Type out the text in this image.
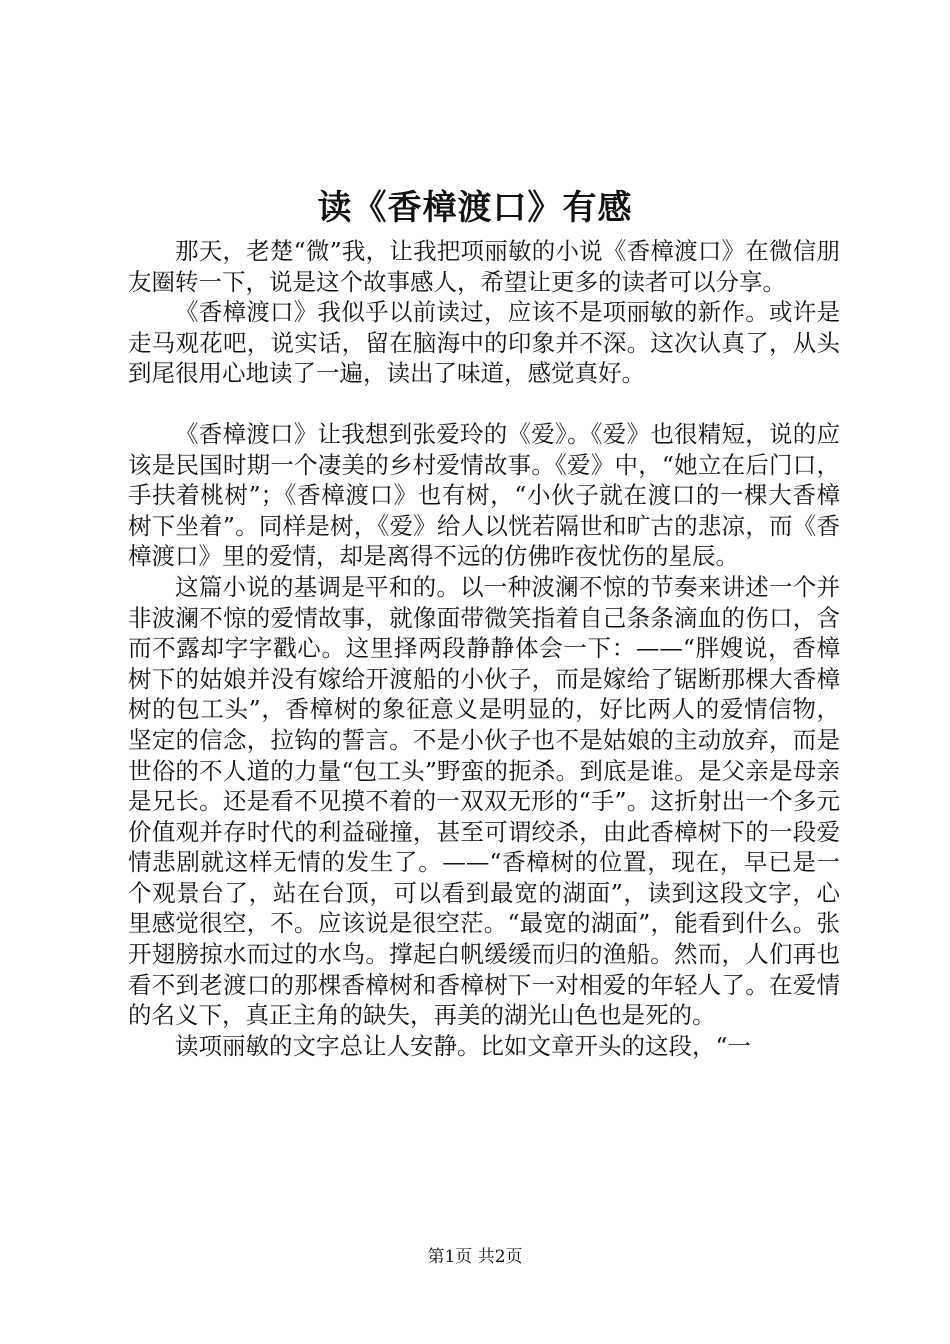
读《香樟渡口》有感

那天，老楚“微”我，让我把项丽敏的小说《香樟渡口》在微信朋友圈转一下，说是这个故事感人，希望让更多的读者可以分享。

《香樟渡口》我似乎以前读过，应该不是项丽敏的新作。或许是走马观花吧，说实话，留在脑海中的印象并不深。这次认真了，从头到尾很用心地读了一遍，读出了味道，感觉真好。

《香樟渡口》让我想到张爱玲的《爱》。《爱》也很精短，说的应该是民国时期一个凄美的乡村爱情故事。《爱》中，“她立在后门口，手扶着桃树”；《香樟渡口》也有树，“小伙子就在渡口的一棵大香樟树下坐着”。同样是树，《爱》给人以恍若隔世和旷古的悲凉，而《香樟渡口》里的爱情，却是离得不远的仿佛昨夜忧伤的星辰。

这篇小说的基调是平和的。以一种波澜不惊的节奏来讲述一个并非波澜不惊的爱情故事，就像面带微笑指着自己条条滴血的伤口，含而不露却字字戳心。这里择两段静静体会一下：——“胖嫂说，香樟树下的姑娘并没有嫁给开渡船的小伙子，而是嫁给了锯断那棵大香樟树的包工头”，香樟树的象征意义是明显的，好比两人的爱情信物，坚定的信念，拉钩的誓言。不是小伙子也不是姑娘的主动放弃，而是世俗的不人道的力量“包工头”野蛮的扼杀。到底是谁。是父亲是母亲是兄长。还是看不见摸不着的一双双无形的“手”。这折射出一个多元价值观并存时代的利益碰撞，甚至可谓绞杀，由此香樟树下的一段爱情悲剧就这样无情的发生了。——“香樟树的位置，现在，早已是一个观景台了，站在台顶，可以看到最宽的湖面”，读到这段文字，心里感觉很空，不。应该说是很空茫。“最宽的湖面”，能看到什么。张开翅膀掠水而过的水鸟。撑起白帆缓缓而归的渔船。然而，人们再也看不到老渡口的那棵香樟树和香樟树下一对相爱的年轻人了。在爱情的名义下，真正主角的缺失，再美的湖光山色也是死的。

读项丽敏的文字总让人安静。比如文章开头的这段，“一

第1页 共2页
